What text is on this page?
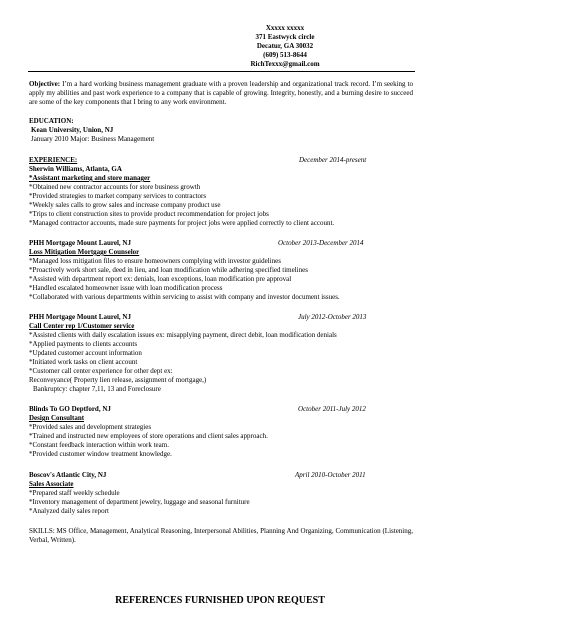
Xxxxx xxxxx
371 Eastwyck circle
Decatur, GA 30032
(609) 513-8644
RichTexxx@gmail.com
Objective: I’m a hard working business management graduate with a proven leadership and organizational track record. I’m seeking to apply my abilities and past work experience to a company that is capable of growing. Integrity, honestly, and a burning desire to succeed are some of the key components that I bring to any work environment.
EDUCATION:
Kean University, Union, NJ
January 2010 Major: Business Management
EXPERIENCE:	December 2014-present
Sherwin Williams, Atlanta, GA
*Assistant marketing and store manager
*Obtained new contractor accounts for store business growth
*Provided strategies to market company services to contractors
*Weekly sales calls to grow sales and increase company product use
*Trips to client construction sites to provide product recommendation for project jobs
*Managed contractor accounts, made sure payments for project jobs were applied correctly to client account.
PHH Mortgage Mount Laurel, NJ	October 2013-December 2014
Loss Mitigation Mortgage Counselor
*Managed loss mitigation files to ensure homeowners complying with investor guidelines
*Proactively work short sale, deed in lieu, and loan modification while adhering specified timelines
*Assisted with department report ex: denials, loan exceptions, loan modification pre approval
*Handled escalated homeowner issue with loan modification process
*Collaborated with various departments within servicing to assist with company and investor document issues.
PHH Mortgage Mount Laurel, NJ	July 2012-October 2013
Call Center rep 1/Customer service
*Assisted clients with daily escalation issues ex: misapplying payment, direct debit, loan modification denials
*Applied payments to clients accounts
*Updated customer account information
*Initiated work tasks on client account
*Customer call center experience for other dept ex:
Reconveyance( Property lien release, assignment of mortgage,)
Bankruptcy: chapter 7,11, 13 and Foreclosure
Blinds To GO Deptford, NJ	October 2011-July 2012
Design Consultant
*Provided sales and development strategies
*Trained and instructed new employees of store operations and client sales approach.
*Constant feedback interaction within work team.
*Provided customer window treatment knowledge.
Boscov's Atlantic City, NJ	April 2010-October 2011
Sales Associate
*Prepared staff weekly schedule
*Inventory management of department jewelry, luggage and seasonal furniture
*Analyzed daily sales report
SKILLS: MS Office, Management, Analytical Reasoning, Interpersonal Abilities, Planning And Organizing, Communication (Listening, Verbal, Written).
REFERENCES FURNISHED UPON REQUEST
